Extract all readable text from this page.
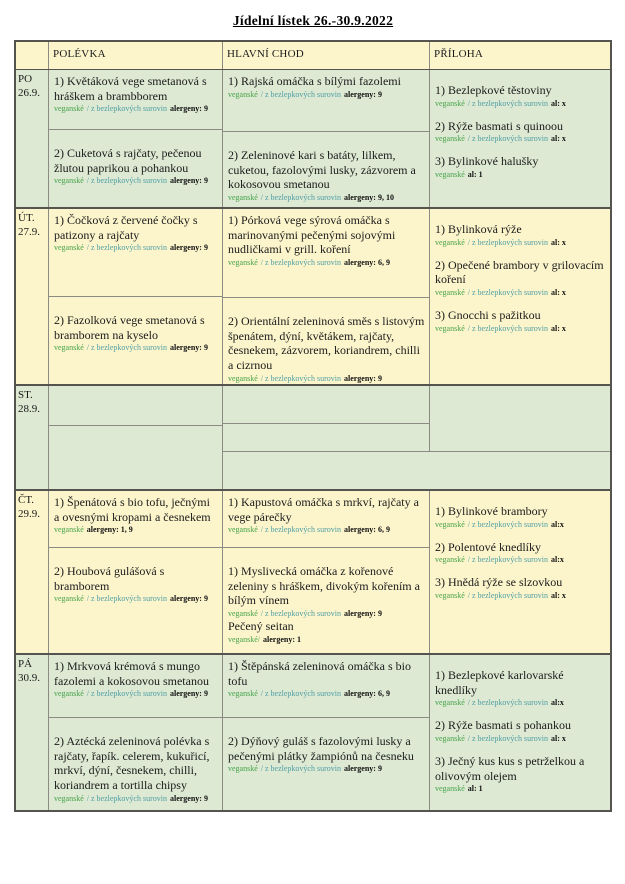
Jídelní lístek 26.-30.9.2022
POLÉVKA	HLAVNÍ CHOD	PŘÍLOHA
PO
26.9.
1) Květáková vege smetanová s hráškem a brambborem
veganské / z bezlepkových surovin alergeny: 9
2) Cuketová s rajčaty, pečenou žlutou paprikou a pohankou
veganské / z bezlepkových surovin alergeny: 9
1) Rajská omáčka s bílými fazolemi
veganské / z bezlepkových surovin alergeny: 9
2) Zeleninové kari s batáty, lilkem, cuketou, fazolovými lusky, zázvorem a kokosovou smetanou
veganské / z bezlepkových surovin alergeny: 9, 10
1) Bezlepkové těstoviny
veganské / z bezlepkových surovin al: x
2) Rýže basmati s quinoou
veganské / z bezlepkových surovin al: x
3) Bylinkové halušky
veganské al: 1
ÚT.
27.9.
1) Čočková z červené čočky s patizony a rajčaty
veganské / z bezlepkových surovin alergeny: 9
2) Fazolková vege smetanová s bramborem na kyselo
veganské / z bezlepkových surovin alergeny: 9
1) Pórková vege sýrová omáčka s marinovanými pečenými sojovými nudličkami v grill. koření
veganské / z bezlepkových surovin alergeny: 6, 9
2) Orientální zeleninová směs s listovým špenátem, dýní, květákem, rajčaty, česnekem, zázvorem, koriandrem, chilli a cizrnou
veganské / z bezlepkových surovin alergeny: 9
1) Bylinková rýže
veganské / z bezlepkových surovin al: x
2) Opečené brambory v grilovacím koření
veganské / z bezlepkových surovin al: x
3) Gnocchi s pažitkou
veganské / z bezlepkových surovin al: x
ST.
28.9.
ČT.
29.9.
1) Špenátová s bio tofu, ječnými a ovesnými kropami a česnekem
veganské alergeny: 1, 9
2) Houbová gulášová s bramborem
veganské / z bezlepkových surovin alergeny: 9
1) Kapustová omáčka s mrkví, rajčaty a vege párečky
veganské / z bezlepkových surovin alergeny: 6, 9
1) Myslivecká omáčka z kořenové zeleniny s hráškem, divokým kořením a bílým vínem
veganské / z bezlepkových surovin alergeny: 9
Pečený seitan
veganské/ alergeny: 1
1) Bylinkové brambory
veganské / z bezlepkových surovin al:x
2) Polentové knedlíky
veganské / z bezlepkových surovin al:x
3) Hnědá rýže se slzovkou
veganské / z bezlepkových surovin al: x
PÁ
30.9.
1) Mrkvová krémová s mungo fazolemi a kokosovou smetanou
veganské / z bezlepkových surovin alergeny: 9
2) Aztécká zeleninová polévka s rajčaty, řapík. celerem, kukuřicí, mrkví, dýní, česnekem, chilli, koriandrem a tortilla chipsy
veganské / z bezlepkových surovin alergeny: 9
1) Štěpánská zeleninová omáčka s bio tofu
veganské / z bezlepkových surovin alergeny: 6, 9
2) Dýňový guláš s fazolovými lusky a pečenými plátky žampiónů na česneku
veganské / z bezlepkových surovin alergeny: 9
1) Bezlepkové karlovarské knedlíky
veganské / z bezlepkových surovin al:x
2) Rýže basmati s pohankou
veganské / z bezlepkových surovin al: x
3) Ječný kus kus s petrželkou a olivovým olejem
veganské al: 1
